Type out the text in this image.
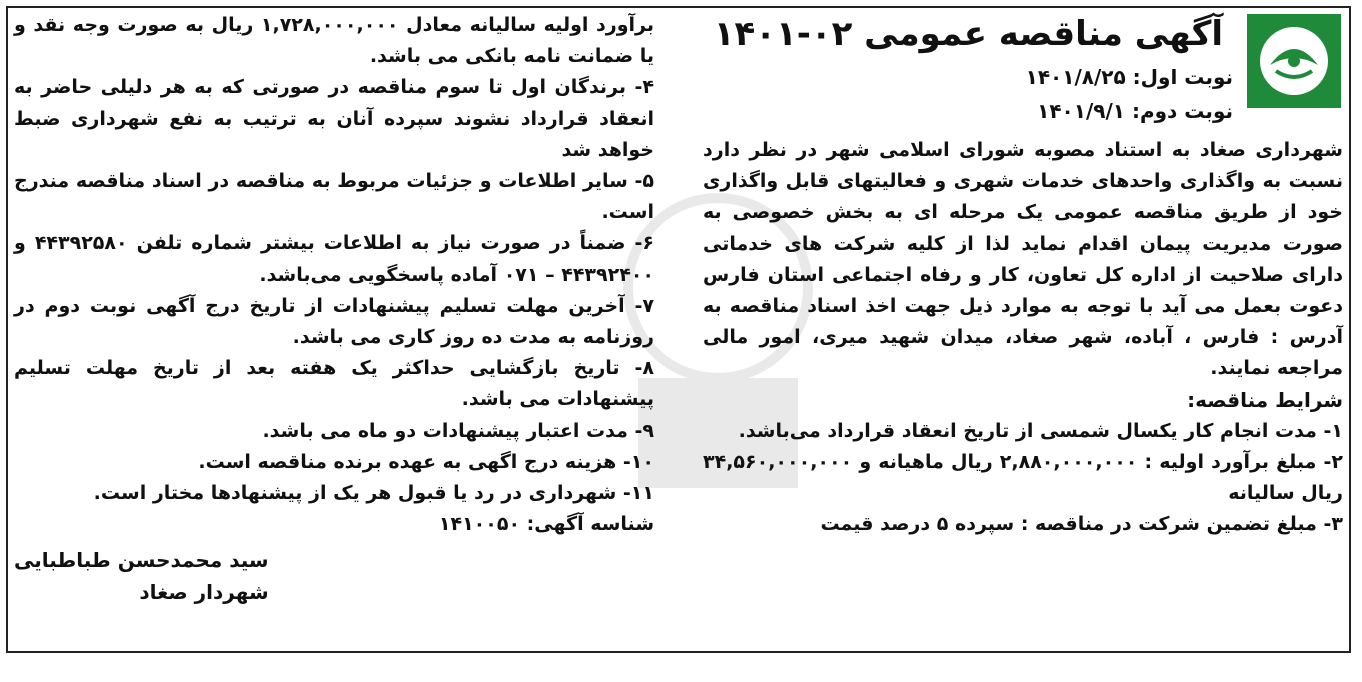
آگهی مناقصه عمومی ۰۲-۱۴۰۱
نوبت اول: ۱۴۰۱/۸/۲۵
نوبت دوم: ۱۴۰۱/۹/۱

شهرداری صغاد به استناد مصوبه شورای اسلامی شهر در نظر دارد نسبت به واگذاری واحدهای خدمات شهری و فعالیتهای قابل واگذاری خود از طریق مناقصه عمومی یک مرحله ای به بخش خصوصی به صورت مدیریت پیمان اقدام نماید لذا از کلیه شرکت های خدماتی دارای صلاحیت از اداره کل تعاون، کار و رفاه اجتماعی استان فارس دعوت بعمل می آید با توجه به موارد ذیل جهت اخذ اسناد مناقصه به آدرس : فارس ، آباده، شهر صغاد، میدان شهید میری، امور مالی مراجعه نمایند.

شرایط مناقصه:

۱- مدت انجام کار یکسال شمسی از تاریخ انعقاد قرارداد می‌باشد.

۲- مبلغ برآورد اولیه : ۲,۸۸۰,۰۰۰,۰۰۰ ریال ماهیانه و ۳۴,۵۶۰,۰۰۰,۰۰۰ ریال سالیانه

۳- مبلغ تضمین شرکت در مناقصه : سپرده ۵ درصد قیمت

برآورد اولیه سالیانه معادل ۱,۷۲۸,۰۰۰,۰۰۰ ریال به صورت وجه نقد و یا ضمانت نامه بانکی می باشد.

۴- برندگان اول تا سوم مناقصه در صورتی که به هر دلیلی حاضر به انعقاد قرارداد نشوند سپرده آنان به ترتیب به نفع شهرداری ضبط خواهد شد

۵- سایر اطلاعات و جزئیات مربوط به مناقصه در اسناد مناقصه مندرج است.

۶- ضمناً در صورت نیاز به اطلاعات بیشتر شماره تلفن ۴۴۳۹۲۵۸۰ و ۴۴۳۹۲۴۰۰ – ۰۷۱ آماده پاسخگویی می‌باشد.

۷- آخرین مهلت تسلیم پیشنهادات از تاریخ درج آگهی نوبت دوم در روزنامه به مدت ده روز کاری می باشد.

۸- تاریخ بازگشایی حداکثر یک هفته بعد از تاریخ مهلت تسلیم پیشنهادات می باشد.

۹- مدت اعتبار پیشنهادات دو ماه می باشد.

۱۰- هزینه درج اگهی به عهده برنده مناقصه است.

۱۱- شهرداری در رد یا قبول هر یک از پیشنهادها مختار است.

شناسه آگهی: ۱۴۱۰۰۵۰

سید محمدحسن طباطبایی
شهردار صغاد
